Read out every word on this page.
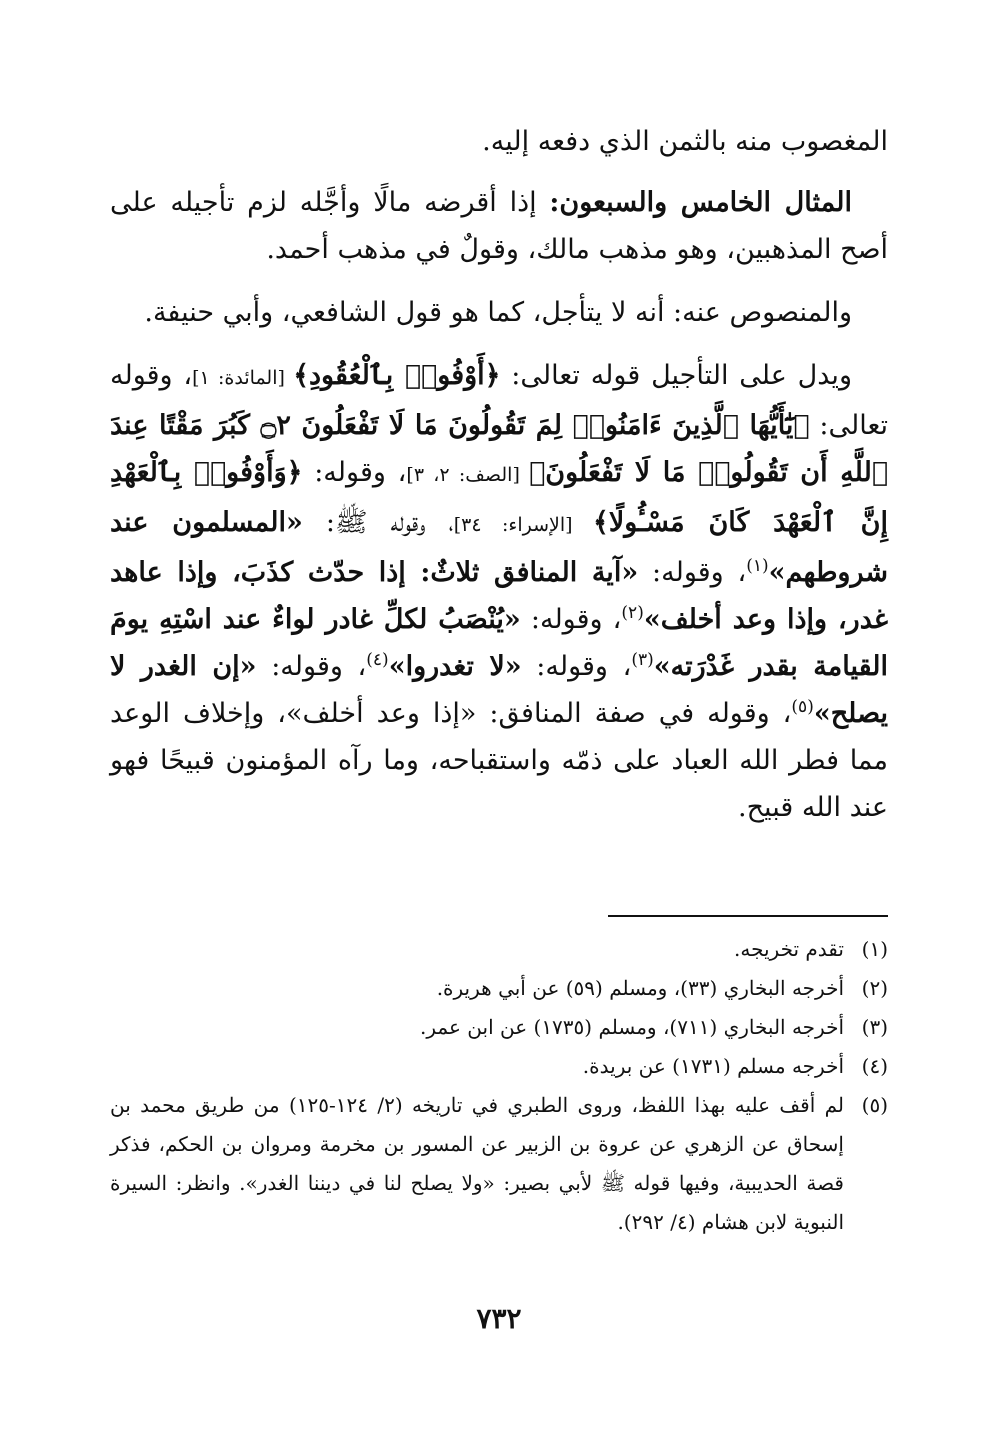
المغصوب منه بالثمن الذي دفعه إليه.

المثال الخامس والسبعون: إذا أقرضه مالًا وأجَّله لزم تأجيله على أصح المذهبين، وهو مذهب مالك، وقولٌ في مذهب أحمد.

والمنصوص عنه: أنه لا يتأجل، كما هو قول الشافعي، وأبي حنيفة.

ويدل على التأجيل قوله تعالى: ﴿أَوْفُوا۟ بِٱلْعُقُودِ﴾ [المائدة: ١]، وقوله تعالى: ﴿يَٰٓأَيُّهَا ٱلَّذِينَ ءَامَنُوا۟ لِمَ تَقُولُونَ مَا لَا تَفْعَلُونَ ۝٢ كَبُرَ مَقْتًا عِندَ ٱللَّهِ أَن تَقُولُوا۟ مَا لَا تَفْعَلُونَ﴾ [الصف: ٢، ٣]، وقوله: ﴿وَأَوْفُوا۟ بِٱلْعَهْدِ إِنَّ ٱلْعَهْدَ كَانَ مَسْـُٔولًا﴾ [الإسراء: ٣٤]، وقوله ﷺ: «المسلمون عند شروطهم»$^{(١)}$، وقوله: «آية المنافق ثلاثٌ: إذا حدّث كذَبَ، وإذا عاهد غدر، وإذا وعد أخلف»$^{(٢)}$، وقوله: «يُنْصَبُ لكلِّ غادر لواءٌ عند اسْتِهِ يومَ القيامة بقدر غَدْرَته»$^{(٣)}$، وقوله: «لا تغدروا»$^{(٤)}$، وقوله: «إن الغدر لا يصلح»$^{(٥)}$، وقوله في صفة المنافق: «إذا وعد أخلف»، وإخلاف الوعد مما فطر الله العباد على ذمّه واستقباحه، وما رآه المؤمنون قبيحًا فهو عند الله قبيح.

(١)
تقدم تخريجه.
(٢)
أخرجه البخاري (٣٣)، ومسلم (٥٩) عن أبي هريرة.
(٣)
أخرجه البخاري (٧١١)، ومسلم (١٧٣٥) عن ابن عمر.
(٤)
أخرجه مسلم (١٧٣١) عن بريدة.
(٥)
لم أقف عليه بهذا اللفظ، وروى الطبري في تاريخه (٢/ ١٢٤-١٢٥) من طريق محمد بن إسحاق عن الزهري عن عروة بن الزبير عن المسور بن مخرمة ومروان بن الحكم، فذكر قصة الحديبية، وفيها قوله ﷺ لأبي بصير: «ولا يصلح لنا في ديننا الغدر». وانظر: السيرة النبوية لابن هشام (٤/ ٢٩٢).
٧٣٢
